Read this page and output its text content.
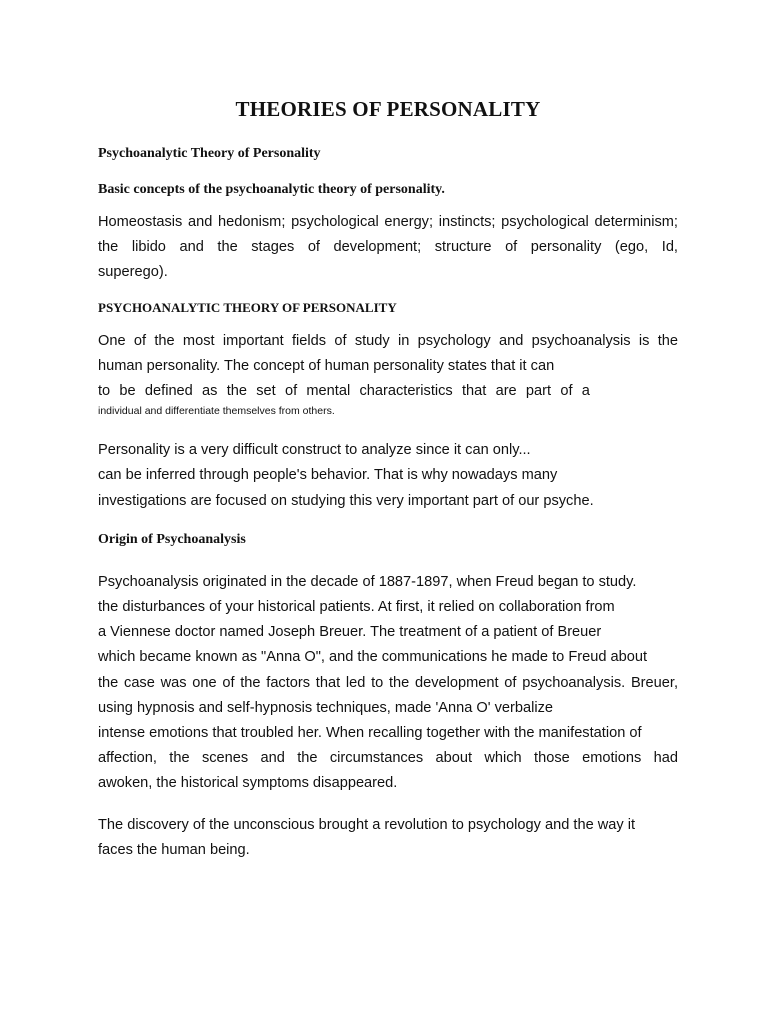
THEORIES OF PERSONALITY

Psychoanalytic Theory of Personality

Basic concepts of the psychoanalytic theory of personality.

Homeostasis and hedonism; psychological energy; instincts; psychological determinism;
the libido and the stages of development; structure of personality (ego, Id,
superego).

PSYCHOANALYTIC THEORY OF PERSONALITY

One of the most important fields of study in psychology and psychoanalysis is the
human personality. The concept of human personality states that it can
to be defined as the set of mental characteristics that are part of a
individual and differentiate themselves from others.
Personality is a very difficult construct to analyze since it can only...
can be inferred through people's behavior. That is why nowadays many
investigations are focused on studying this very important part of our psyche.

Origin of Psychoanalysis

Psychoanalysis originated in the decade of 1887-1897, when Freud began to study.
the disturbances of your historical patients. At first, it relied on collaboration from
a Viennese doctor named Joseph Breuer. The treatment of a patient of Breuer
which became known as "Anna O", and the communications he made to Freud about
the case was one of the factors that led to the development of psychoanalysis. Breuer,
using hypnosis and self-hypnosis techniques, made 'Anna O' verbalize
intense emotions that troubled her. When recalling together with the manifestation of
affection, the scenes and the circumstances about which those emotions had
awoken, the historical symptoms disappeared.
The discovery of the unconscious brought a revolution to psychology and the way it
faces the human being.
